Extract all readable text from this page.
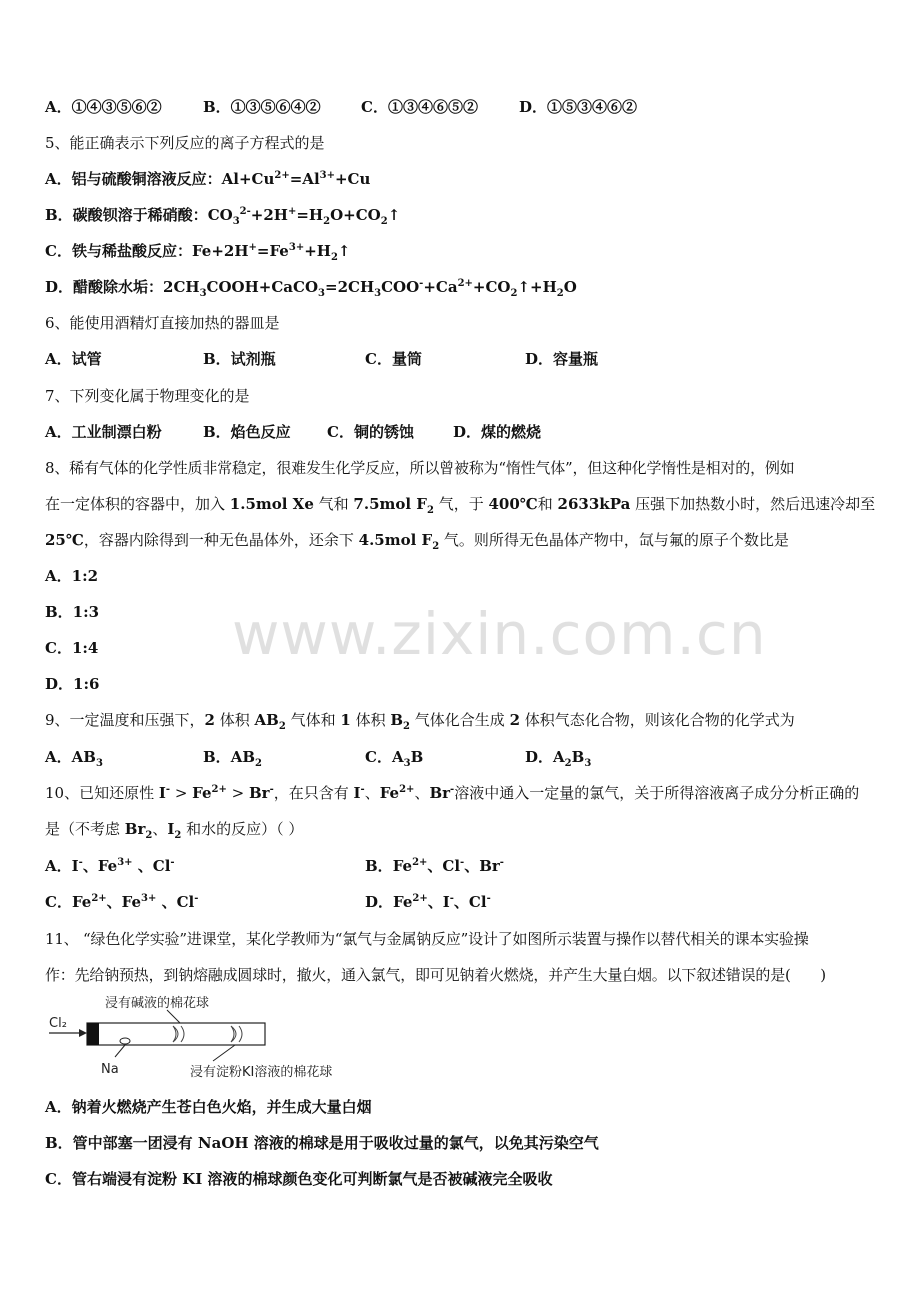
A．①④③⑤⑥②	B．①③⑤⑥④②	C．①③④⑥⑤②	D．①⑤③④⑥②
5、能正确表示下列反应的离子方程式的是
A．铝与硫酸铜溶液反应：$Al+Cu^{2+}=Al^{3+}+Cu$
B．碳酸钡溶于稀硝酸：$CO_3^{2-}+2H^+=H_2O+CO_2↑$
C．铁与稀盐酸反应：$Fe+2H^+=Fe^{3+}+H_2↑$
D．醋酸除水垢：$2CH_3COOH+CaCO_3=2CH_3COO^-+Ca^{2+}+CO_2↑+H_2O$
6、能使用酒精灯直接加热的器皿是
A．试管	B．试剂瓶	C．量筒	D．容量瓶
7、下列变化属于物理变化的是
A．工业制漂白粉	B．焰色反应 C．铜的锈蚀	D．煤的燃烧
8、稀有气体的化学性质非常稳定，很难发生化学反应，所以曾被称为“惰性气体”，但这种化学惰性是相对的，例如
在一定体积的容器中，加入 1.5mol Xe 气和 7.5mol $F_2$ 气，于 400℃和 2633kPa 压强下加热数小时，然后迅速冷却至
25℃，容器内除得到一种无色晶体外，还余下 4.5mol $F_2$ 气。则所得无色晶体产物中，氙与氟的原子个数比是
A．1:2
B．1:3
C．1:4
D．1:6
www.zixin.com.cn
9、一定温度和压强下，2 体积 $AB_2$ 气体和 1 体积 $B_2$ 气体化合生成 2 体积气态化合物，则该化合物的化学式为
A．$AB_3$	B．$AB_2$	C．$A_3B$	D．$A_2B_3$
10、已知还原性 $I^- > Fe^{2+} > Br^-$，在只含有 I-、$Fe^{2+}$、Br-溶液中通入一定量的氯气，关于所得溶液离子成分分析正确的
是（不考虑 $Br_2$、$I_2$ 和水的反应）（ ）
A．I-、$Fe^{3+}$ 、Cl-	B．$Fe^{2+}$、Cl-、Br-
C．$Fe^{2+}$、$Fe^{3+}$ 、Cl-	D．$Fe^{2+}$、I-、Cl-
11、 “绿色化学实验”进课堂，某化学教师为“氯气与金属钠反应”设计了如图所示装置与操作以替代相关的课本实验操
作：先给钠预热，到钠熔融成圆球时，撤火，通入氯气，即可见钠着火燃烧，并产生大量白烟。以下叙述错误的是(　　)
浸有碱液的棉花球
Cl₂
Na	浸有淀粉KI溶液的棉花球
A．钠着火燃烧产生苍白色火焰，并生成大量白烟
B．管中部塞一团浸有 NaOH 溶液的棉球是用于吸收过量的氯气，以免其污染空气
C．管右端浸有淀粉 KI 溶液的棉球颜色变化可判断氯气是否被碱液完全吸收
